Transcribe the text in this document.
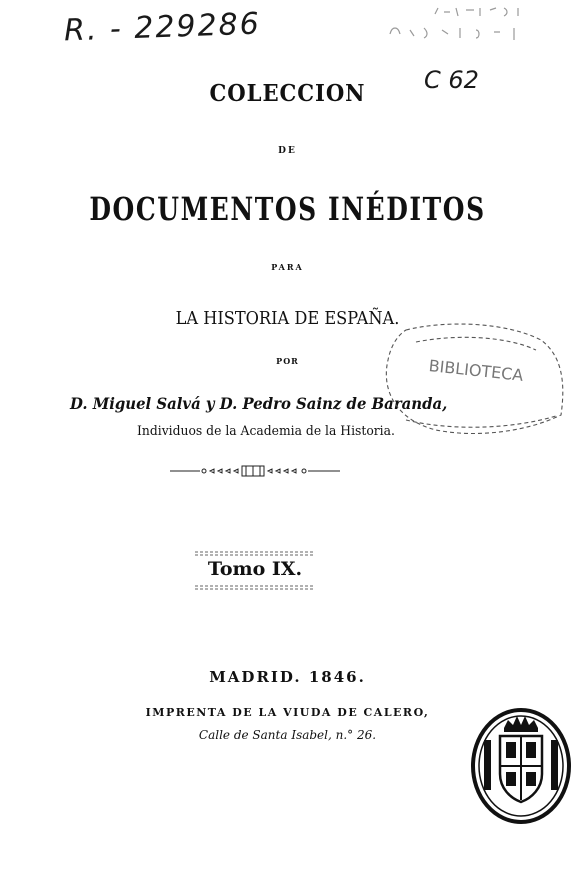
R. - 229286
C 62
COLECCION
DE
DOCUMENTOS INÉDITOS
PARA
LA HISTORIA DE ESPAÑA.
POR
D. Miguel Salvá y D. Pedro Sainz de Baranda,
Individuos de la Academia de la Historia.
Tomo IX.
MADRID. 1846.
IMPRENTA DE LA VIUDA DE CALERO,
Calle de Santa Isabel, n.° 26.
BIBLIOTECA
